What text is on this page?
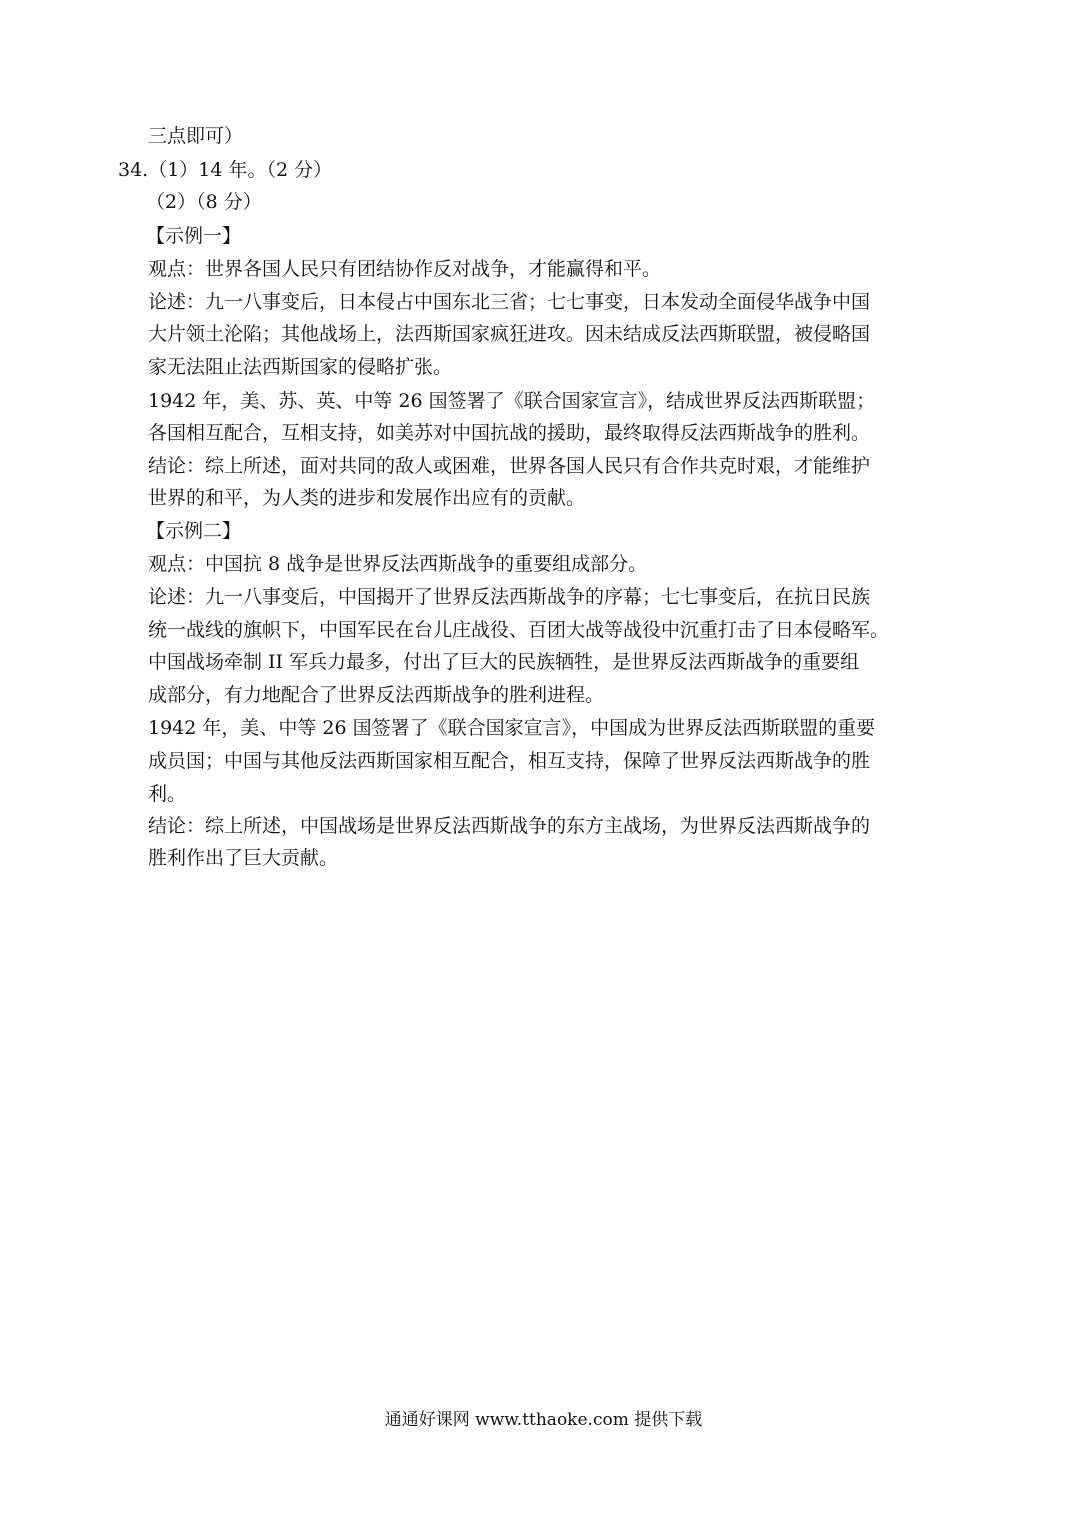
三点即可）
34.（1）14 年。（2 分）
（2）（8 分）
【示例一】
观点：世界各国人民只有团结协作反对战争，才能赢得和平。
论述：九一八事变后，日本侵占中国东北三省；七七事变，日本发动全面侵华战争中国
大片领土沦陷；其他战场上，法西斯国家疯狂进攻。因未结成反法西斯联盟，被侵略国
家无法阻止法西斯国家的侵略扩张。
1942 年，美、苏、英、中等 26 国签署了《联合国家宣言》，结成世界反法西斯联盟；
各国相互配合，互相支持，如美苏对中国抗战的援助，最终取得反法西斯战争的胜利。
结论：综上所述，面对共同的敌人或困难，世界各国人民只有合作共克时艰，才能维护
世界的和平，为人类的进步和发展作出应有的贡献。
【示例二】
观点：中国抗 8 战争是世界反法西斯战争的重要组成部分。
论述：九一八事变后，中国揭开了世界反法西斯战争的序幕；七七事变后，在抗日民族
统一战线的旗帜下，中国军民在台儿庄战役、百团大战等战役中沉重打击了日本侵略军。
中国战场牵制 II 军兵力最多，付出了巨大的民族牺牲，是世界反法西斯战争的重要组
成部分，有力地配合了世界反法西斯战争的胜利进程。
1942 年，美、中等 26 国签署了《联合国家宣言》，中国成为世界反法西斯联盟的重要
成员国；中国与其他反法西斯国家相互配合，相互支持，保障了世界反法西斯战争的胜
利。
结论：综上所述，中国战场是世界反法西斯战争的东方主战场，为世界反法西斯战争的
胜利作出了巨大贡献。
通通好课网 www.tthaoke.com 提供下载
